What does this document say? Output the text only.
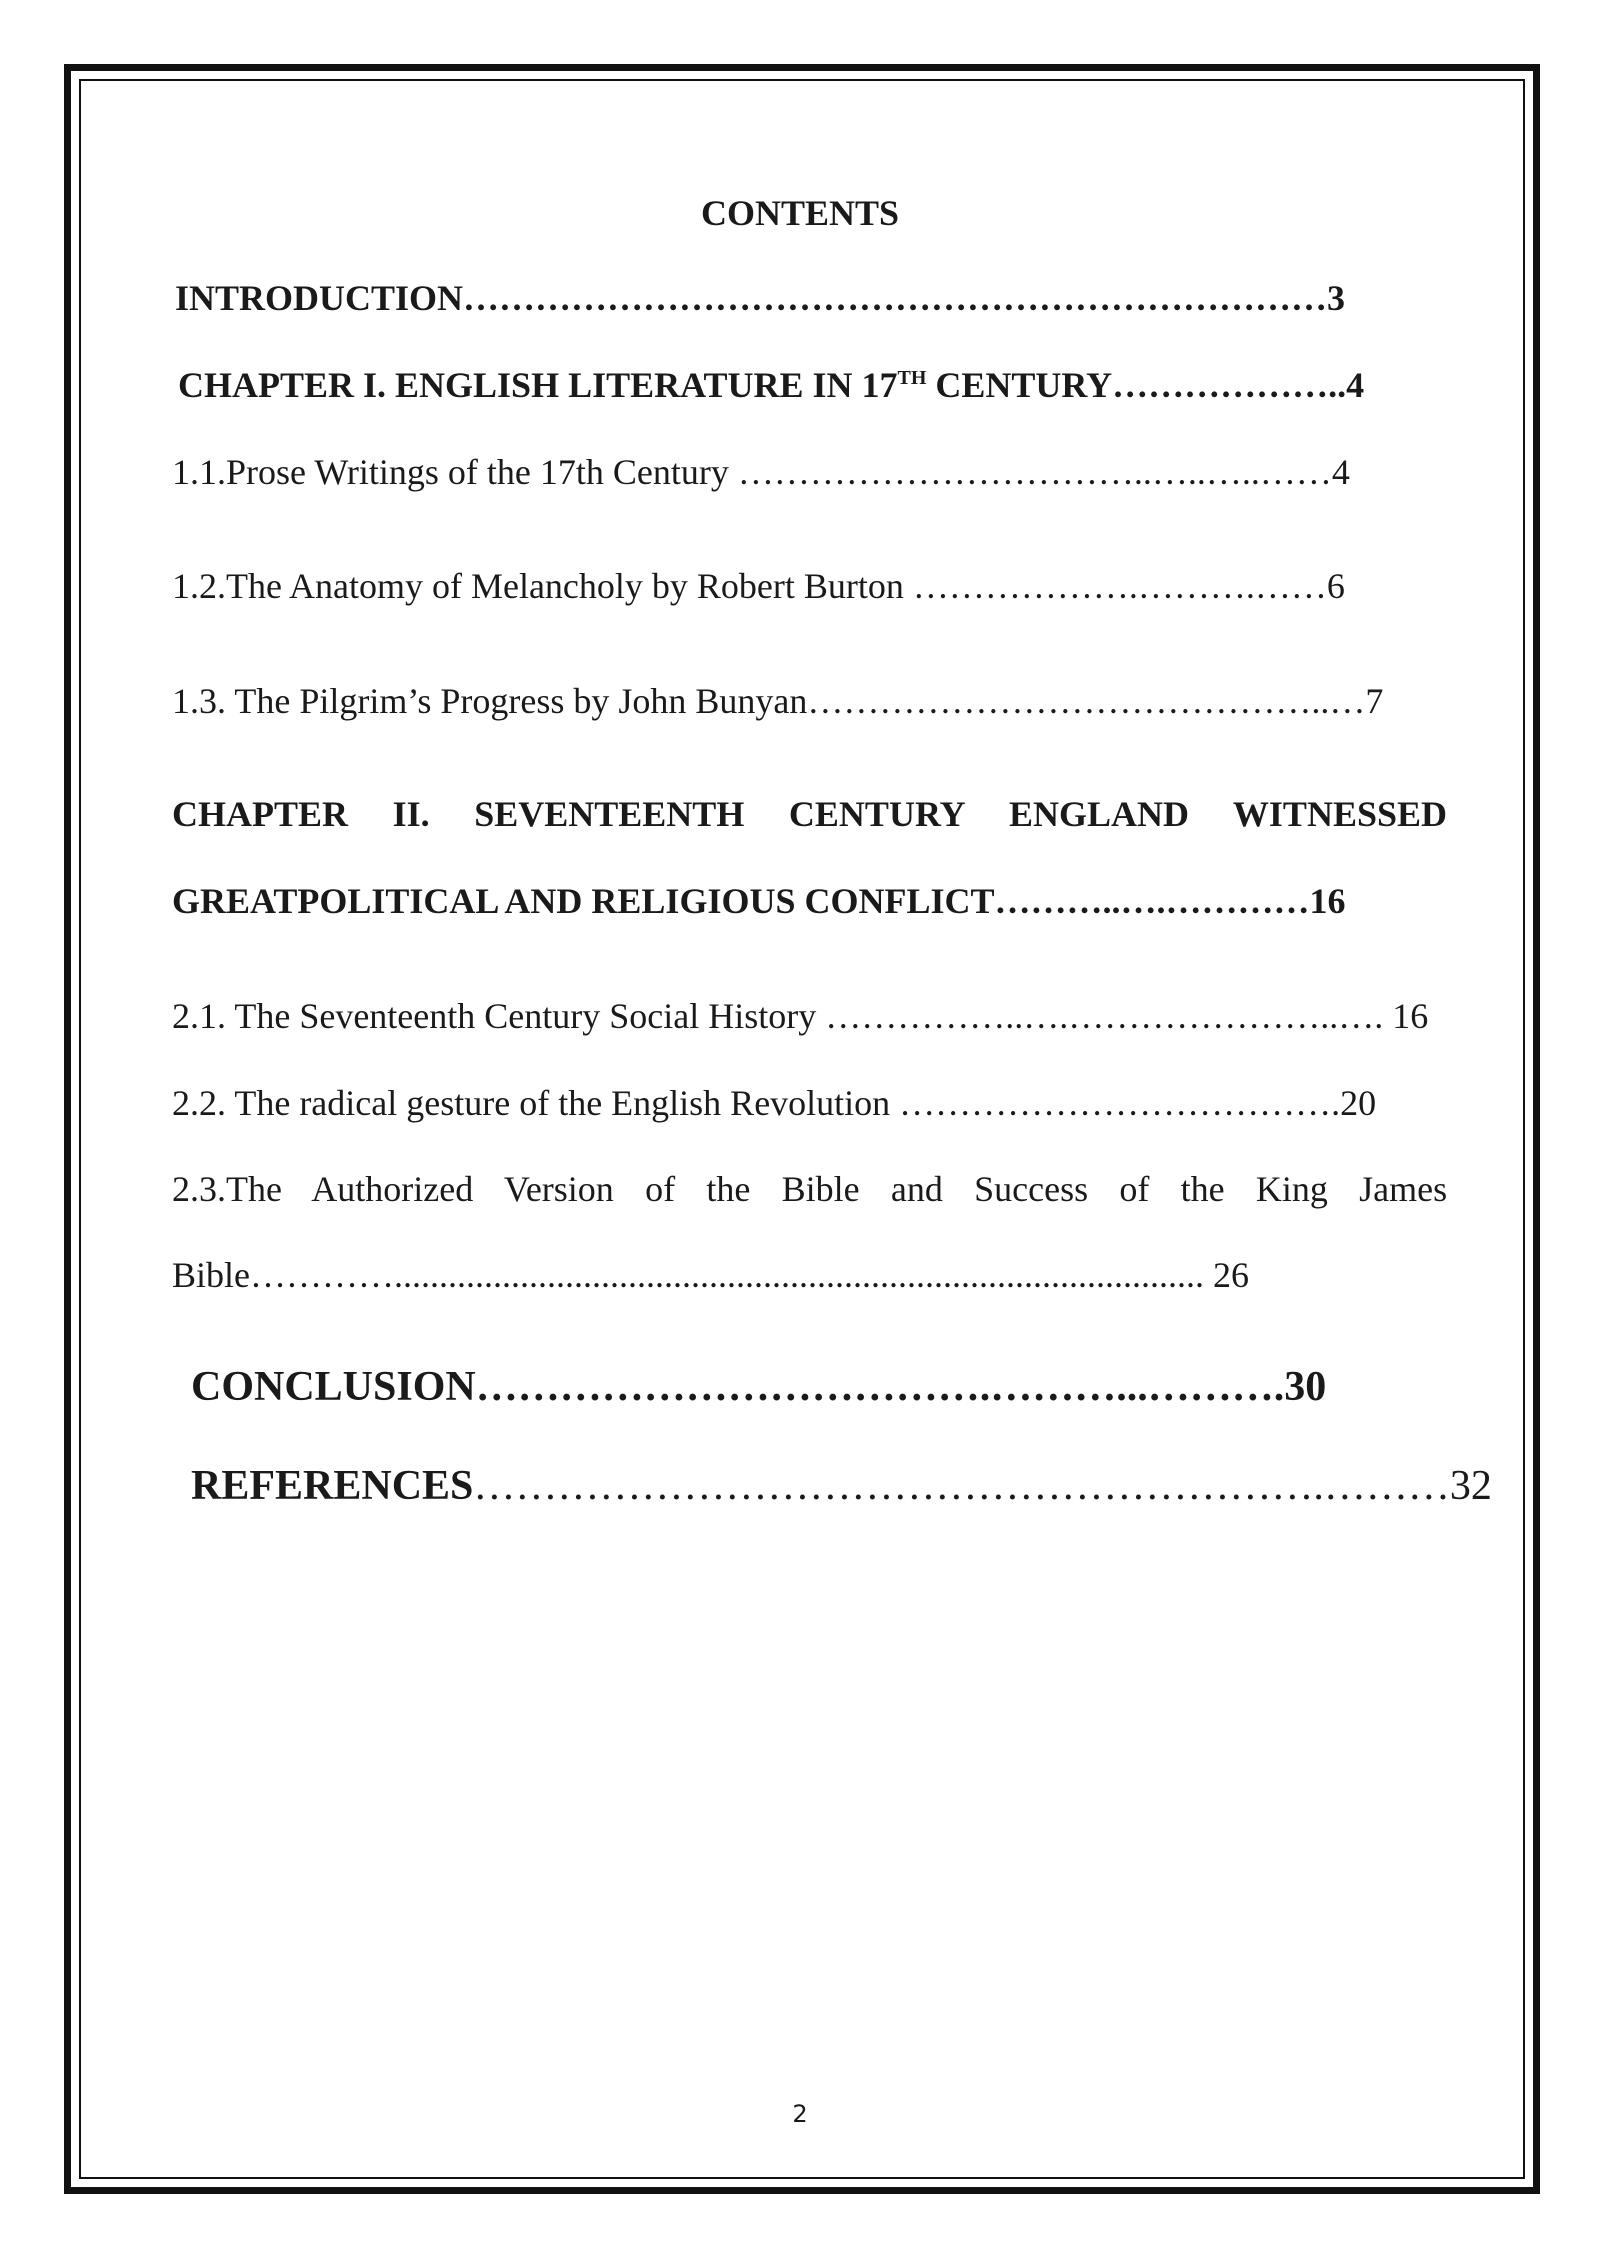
CONTENTS
INTRODUCTION………………………………………………………………3
CHAPTER I. ENGLISH LITERATURE IN 17TH CENTURY………………..4
1.1.Prose Writings of the 17th Century ……………………………..…..…..……4
1.2.The Anatomy of Melancholy by Robert Burton ……………….……….……6
1.3. The Pilgrim’s Progress by John Bunyan……………………………………..…7
CHAPTER II. SEVENTEENTH CENTURY ENGLAND WITNESSED
GREATPOLITICAL AND RELIGIOUS CONFLICT………..….…………16
2.1. The Seventeenth Century Social History ……………..….…………………..…. 16
2.2. The radical gesture of the English Revolution ……………………………….20
2.3.The Authorized Version of the Bible and Success of the King James
Bible………….......................................................................................... 26
CONCLUSION……………………………….………...……….30
REFERENCES…………………………………………………….………32
2
